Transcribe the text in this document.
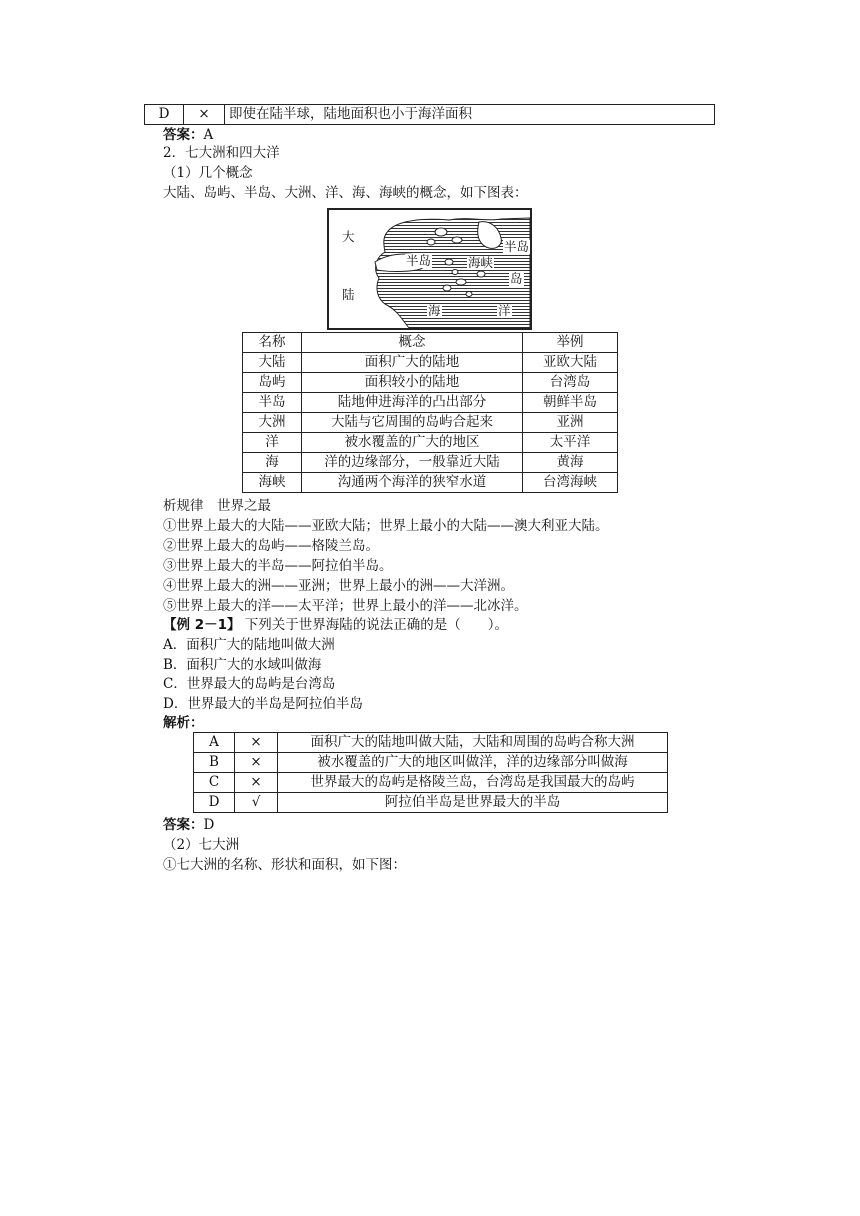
D	×	即使在陆半球，陆地面积也小于海洋面积
答案：A
2．七大洲和四大洋
（1）几个概念
大陆、岛屿、半岛、大洲、洋、海、海峡的概念，如下图表：
大
陆
半岛
半岛	海峡
岛
海	洋
名称	概念	举例
大陆	面积广大的陆地	亚欧大陆
岛屿	面积较小的陆地	台湾岛
半岛	陆地伸进海洋的凸出部分	朝鲜半岛
大洲	大陆与它周围的岛屿合起来	亚洲
洋	被水覆盖的广大的地区	太平洋
海	洋的边缘部分，一般靠近大陆	黄海
海峡	沟通两个海洋的狭窄水道	台湾海峡
析规律　世界之最
①世界上最大的大陆——亚欧大陆；世界上最小的大陆——澳大利亚大陆。
②世界上最大的岛屿——格陵兰岛。
③世界上最大的半岛——阿拉伯半岛。
④世界上最大的洲——亚洲；世界上最小的洲——大洋洲。
⑤世界上最大的洋——太平洋；世界上最小的洋——北冰洋。
【例 2－1】 下列关于世界海陆的说法正确的是（　　）。
A．面积广大的陆地叫做大洲
B．面积广大的水域叫做海
C．世界最大的岛屿是台湾岛
D．世界最大的半岛是阿拉伯半岛
解析：
A	×	面积广大的陆地叫做大陆，大陆和周围的岛屿合称大洲
B	×	被水覆盖的广大的地区叫做洋，洋的边缘部分叫做海
C	×	世界最大的岛屿是格陵兰岛，台湾岛是我国最大的岛屿
D	√	阿拉伯半岛是世界最大的半岛
答案：D
（2）七大洲
①七大洲的名称、形状和面积，如下图：
